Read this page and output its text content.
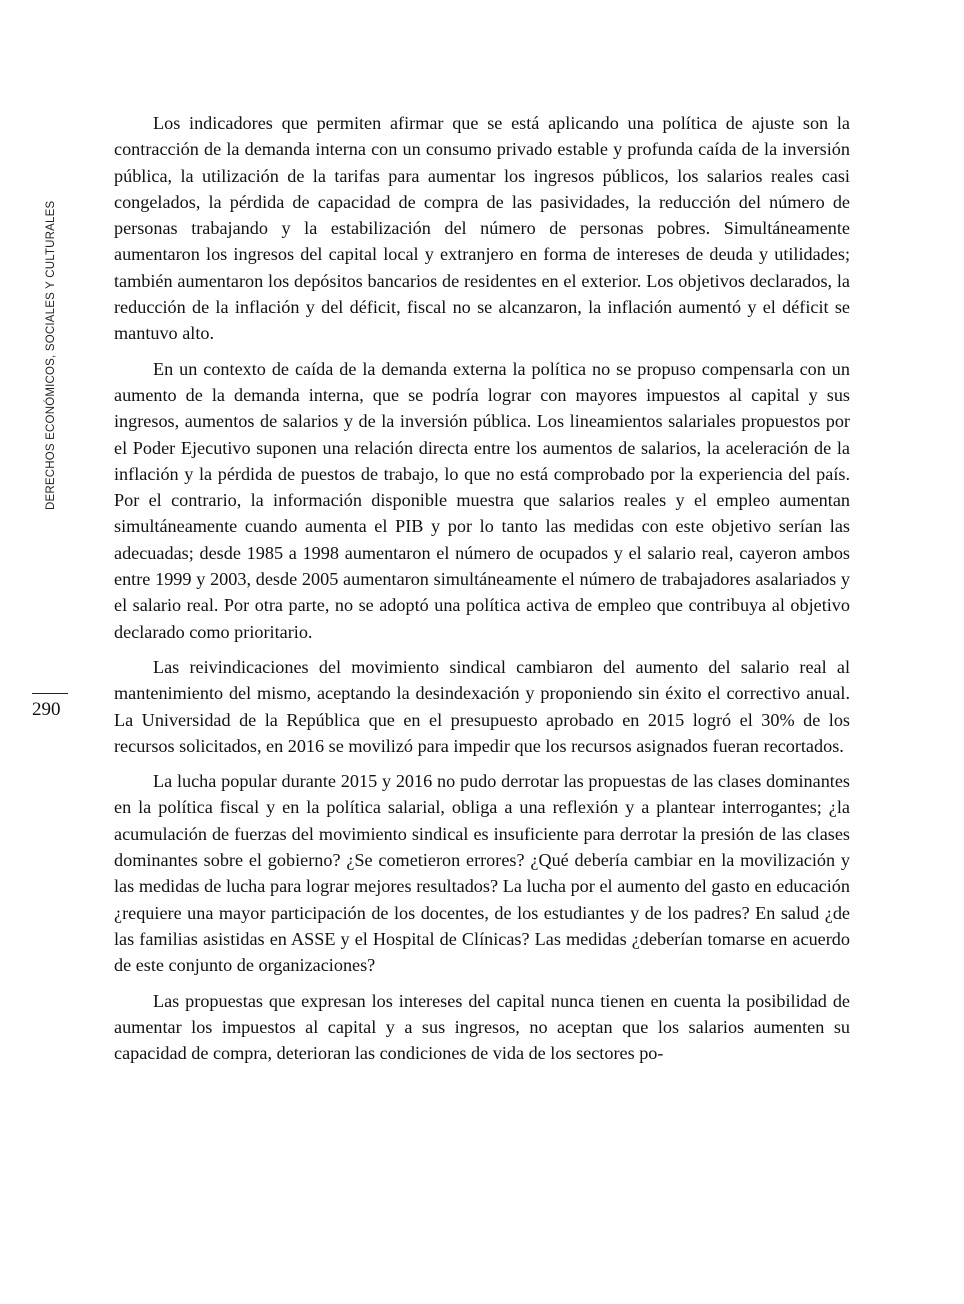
DERECHOS ECONÓMICOS, SOCIALES Y CULTURALES
290

Los indicadores que permiten afirmar que se está aplicando una política de ajuste son la contracción de la demanda interna con un consumo privado estable y profunda caída de la inversión pública, la utilización de la tarifas para aumentar los ingresos públicos, los salarios reales casi congelados, la pérdida de capacidad de compra de las pasividades, la reducción del número de personas trabajando y la estabilización del número de personas pobres. Simultáneamente aumentaron los ingresos del capital local y extranjero en forma de intereses de deuda y utilidades; también aumentaron los depósitos bancarios de residentes en el exterior. Los objetivos declarados, la reducción de la inflación y del déficit, fiscal no se alcanzaron, la inflación aumentó y el déficit se mantuvo alto.

En un contexto de caída de la demanda externa la política no se propuso compensarla con un aumento de la demanda interna, que se podría lograr con mayores impuestos al capital y sus ingresos, aumentos de salarios y de la inversión pública. Los lineamientos salariales propuestos por el Poder Ejecutivo suponen una relación directa entre los aumentos de salarios, la aceleración de la inflación y la pérdida de puestos de trabajo, lo que no está comprobado por la experiencia del país. Por el contrario, la información disponible muestra que salarios reales y el empleo aumentan simultáneamente cuando aumenta el PIB y por lo tanto las medidas con este objetivo serían las adecuadas; desde 1985 a 1998 aumentaron el número de ocupados y el salario real, cayeron ambos entre 1999 y 2003, desde 2005 aumentaron simultáneamente el número de trabajadores asalariados y el salario real. Por otra parte, no se adoptó una política activa de empleo que contribuya al objetivo declarado como prioritario.

Las reivindicaciones del movimiento sindical cambiaron del aumento del salario real al mantenimiento del mismo, aceptando la desindexación y proponiendo sin éxito el correctivo anual. La Universidad de la República que en el presupuesto aprobado en 2015 logró el 30% de los recursos solicitados, en 2016 se movilizó para impedir que los recursos asignados fueran recortados.

La lucha popular durante 2015 y 2016 no pudo derrotar las propuestas de las clases dominantes en la política fiscal y en la política salarial, obliga a una reflexión y a plantear interrogantes; ¿la acumulación de fuerzas del movimiento sindical es insuficiente para derrotar la presión de las clases dominantes sobre el gobierno? ¿Se cometieron errores? ¿Qué debería cambiar en la movilización y las medidas de lucha para lograr mejores resultados? La lucha por el aumento del gasto en educación ¿requiere una mayor participación de los docentes, de los estudiantes y de los padres? En salud ¿de las familias asistidas en ASSE y el Hospital de Clínicas? Las medidas ¿deberían tomarse en acuerdo de este conjunto de organizaciones?

Las propuestas que expresan los intereses del capital nunca tienen en cuenta la posibilidad de aumentar los impuestos al capital y a sus ingresos, no aceptan que los salarios aumenten su capacidad de compra, deterioran las condiciones de vida de los sectores po-
